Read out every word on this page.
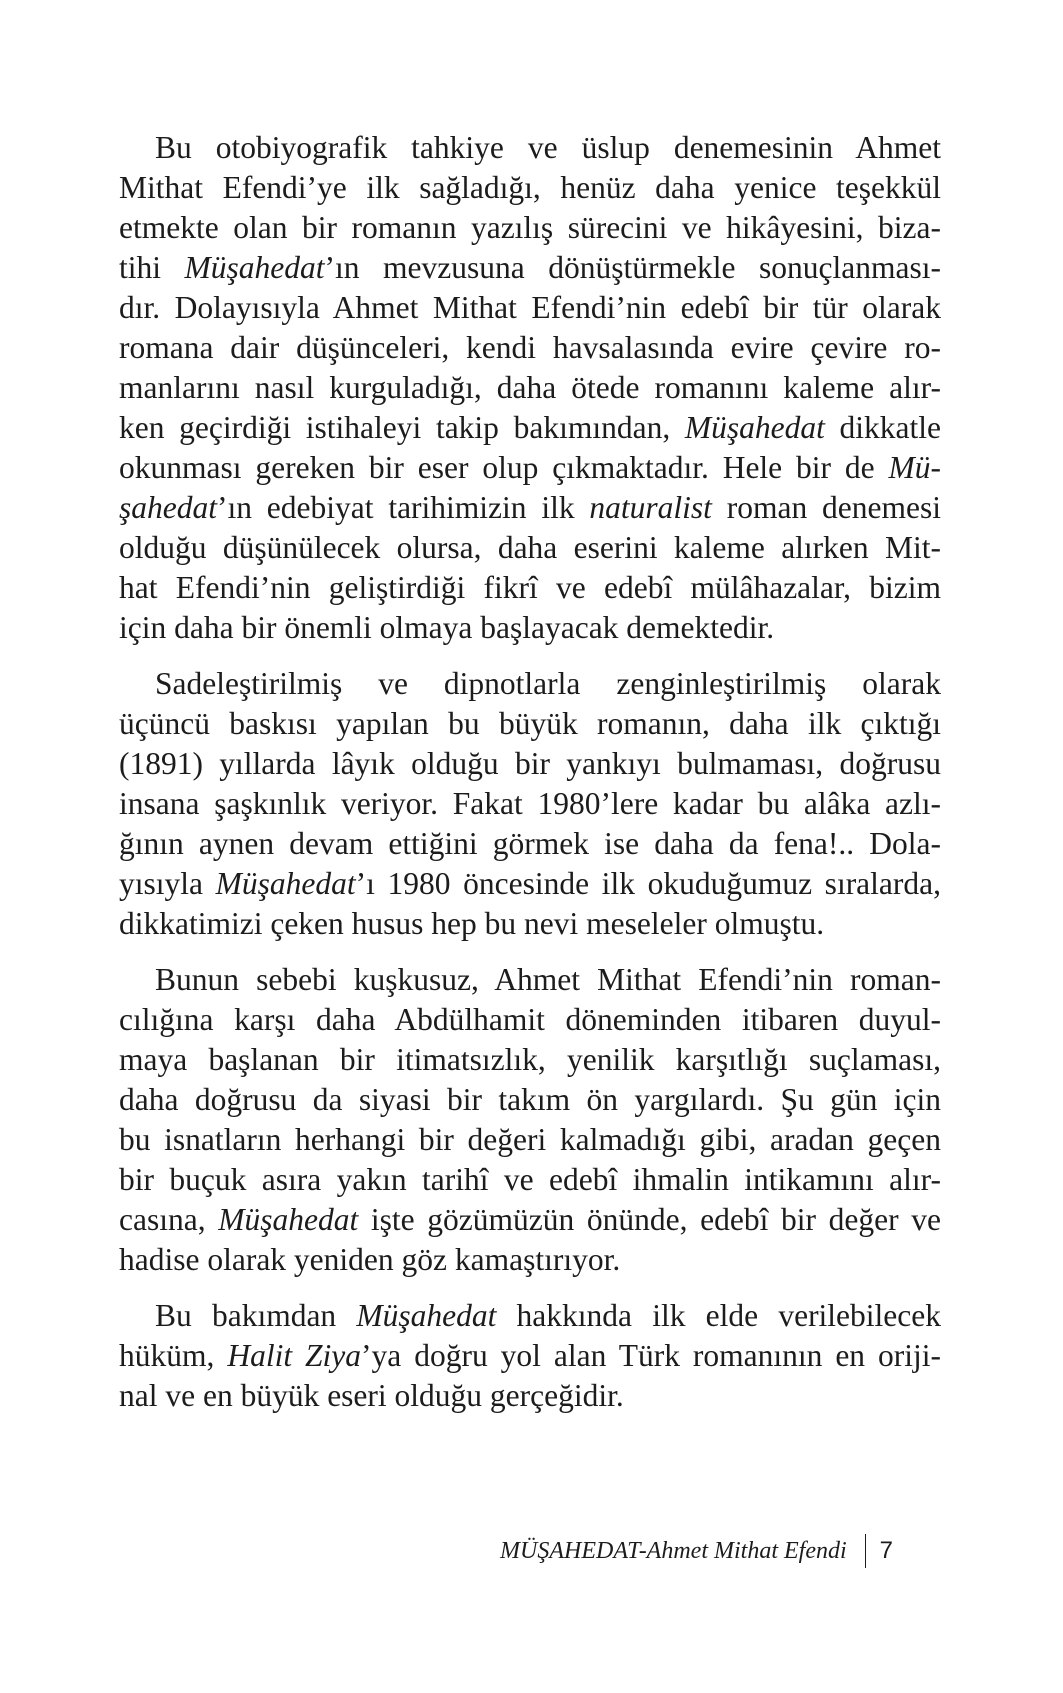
Bu otobiyografik tahkiye ve üslup denemesinin Ahmet
Mithat Efendi’ye ilk sağladığı, henüz daha yenice teşekkül
etmekte olan bir romanın yazılış sürecini ve hikâyesini, biza-
tihi Müşahedat’ın mevzusuna dönüştürmekle sonuçlanması-
dır. Dolayısıyla Ahmet Mithat Efendi’nin edebî bir tür olarak
romana dair düşünceleri, kendi havsalasında evire çevire ro-
manlarını nasıl kurguladığı, daha ötede romanını kaleme alır-
ken geçirdiği istihaleyi takip bakımından, Müşahedat dikkatle
okunması gereken bir eser olup çıkmaktadır. Hele bir de Mü-
şahedat’ın edebiyat tarihimizin ilk naturalist roman denemesi
olduğu düşünülecek olursa, daha eserini kaleme alırken Mit-
hat Efendi’nin geliştirdiği fikrî ve edebî mülâhazalar, bizim
için daha bir önemli olmaya başlayacak demektedir.
Sadeleştirilmiş ve dipnotlarla zenginleştirilmiş olarak
üçüncü baskısı yapılan bu büyük romanın, daha ilk çıktığı
(1891) yıllarda lâyık olduğu bir yankıyı bulmaması, doğrusu
insana şaşkınlık veriyor. Fakat 1980’lere kadar bu alâka azlı-
ğının aynen devam ettiğini görmek ise daha da fena!.. Dola-
yısıyla Müşahedat’ı 1980 öncesinde ilk okuduğumuz sıralarda,
dikkatimizi çeken husus hep bu nevi meseleler olmuştu.
Bunun sebebi kuşkusuz, Ahmet Mithat Efendi’nin roman-
cılığına karşı daha Abdülhamit döneminden itibaren duyul-
maya başlanan bir itimatsızlık, yenilik karşıtlığı suçlaması,
daha doğrusu da siyasi bir takım ön yargılardı. Şu gün için
bu isnatların herhangi bir değeri kalmadığı gibi, aradan geçen
bir buçuk asıra yakın tarihî ve edebî ihmalin intikamını alır-
casına, Müşahedat işte gözümüzün önünde, edebî bir değer ve
hadise olarak yeniden göz kamaştırıyor.
Bu bakımdan Müşahedat hakkında ilk elde verilebilecek
hüküm, Halit Ziya’ya doğru yol alan Türk romanının en oriji-
nal ve en büyük eseri olduğu gerçeğidir.
MÜŞAHEDAT-Ahmet Mithat Efendi 7
